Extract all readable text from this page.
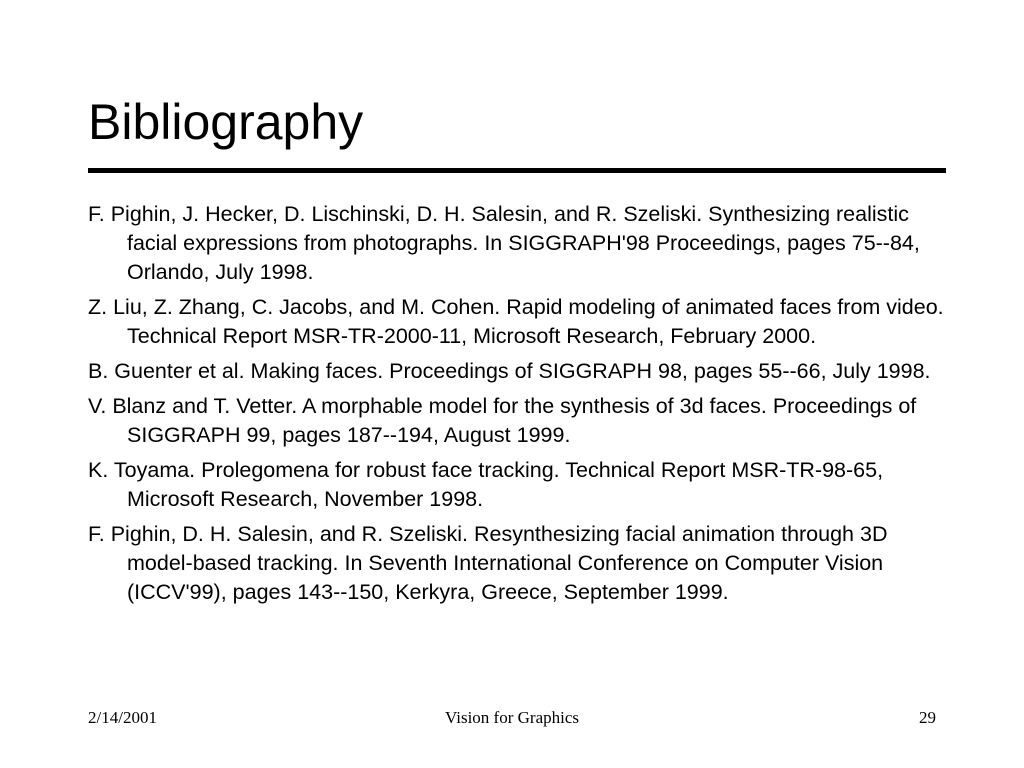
Bibliography
F. Pighin, J. Hecker, D. Lischinski, D. H. Salesin, and R. Szeliski. Synthesizing realistic facial expressions from photographs. In SIGGRAPH'98 Proceedings, pages 75--84, Orlando, July 1998.
Z. Liu, Z. Zhang, C. Jacobs, and M. Cohen. Rapid modeling of animated faces from video. Technical Report MSR-TR-2000-11, Microsoft Research, February 2000.
B. Guenter et al. Making faces. Proceedings of SIGGRAPH 98, pages 55--66, July 1998.
V. Blanz and T. Vetter. A morphable model for the synthesis of 3d faces. Proceedings of SIGGRAPH 99, pages 187--194, August 1999.
K. Toyama. Prolegomena for robust face tracking. Technical Report MSR-TR-98-65, Microsoft Research, November 1998.
F. Pighin, D. H. Salesin, and R. Szeliski. Resynthesizing facial animation through 3D model-based tracking. In Seventh International Conference on Computer Vision (ICCV'99), pages 143--150, Kerkyra, Greece, September 1999.
2/14/2001	Vision for Graphics	29
